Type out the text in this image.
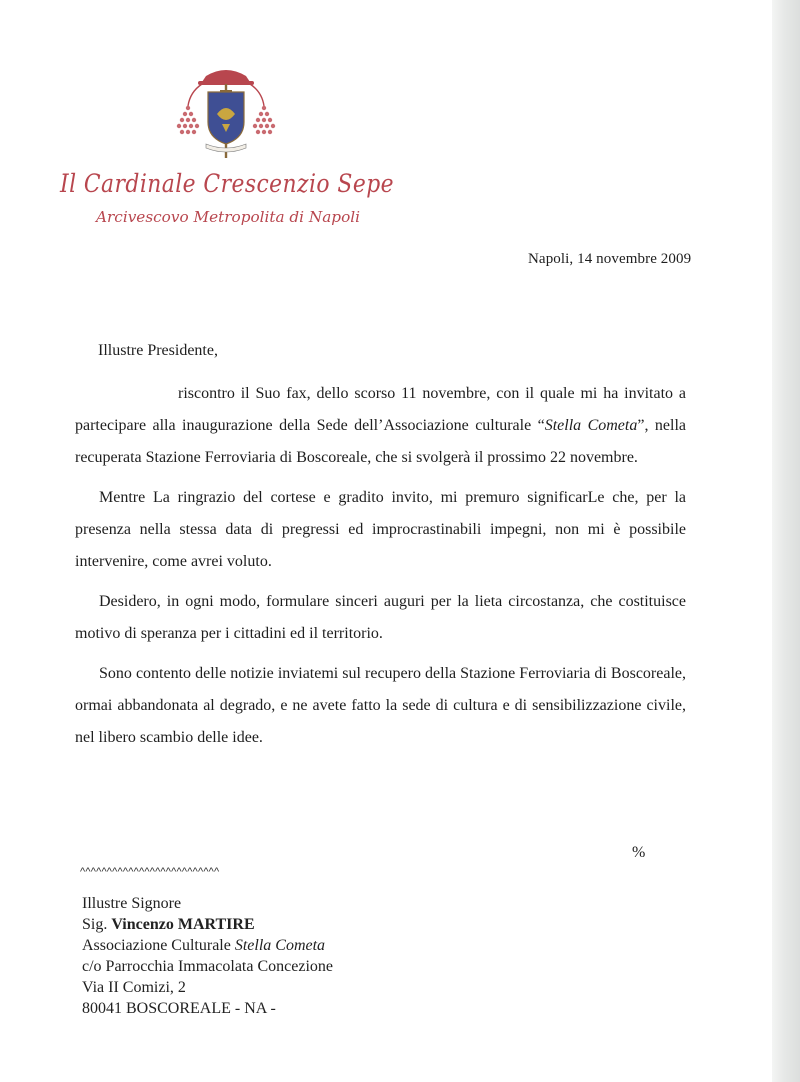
Il Cardinale Crescenzio Sepe
Arcivescovo Metropolita di Napoli
Napoli, 14 novembre 2009
Illustre Presidente,

riscontro il Suo fax, dello scorso 11 novembre, con il quale mi ha invitato a partecipare alla inaugurazione della Sede dell’Associazione culturale “Stella Cometa”, nella recuperata Stazione Ferroviaria di Boscoreale, che si svolgerà il prossimo 22 novembre.

Mentre La ringrazio del cortese e gradito invito, mi premuro significarLe che, per la presenza nella stessa data di pregressi ed improcrastinabili impegni, non mi è possibile intervenire, come avrei voluto.

Desidero, in ogni modo, formulare sinceri auguri per la lieta circostanza, che costituisce motivo di speranza per i cittadini ed il territorio.

Sono contento delle notizie inviatemi sul recupero della Stazione Ferroviaria di Boscoreale, ormai abbandonata al degrado, e ne avete fatto la sede di cultura e di sensibilizzazione civile, nel libero scambio delle idee.

%
^^^^^^^^^^^^^^^^^^^^^^^^^^
Illustre Signore
Sig. Vincenzo MARTIRE
Associazione Culturale Stella Cometa
c/o Parrocchia Immacolata Concezione
Via II Comizi, 2
80041 BOSCOREALE - NA -
